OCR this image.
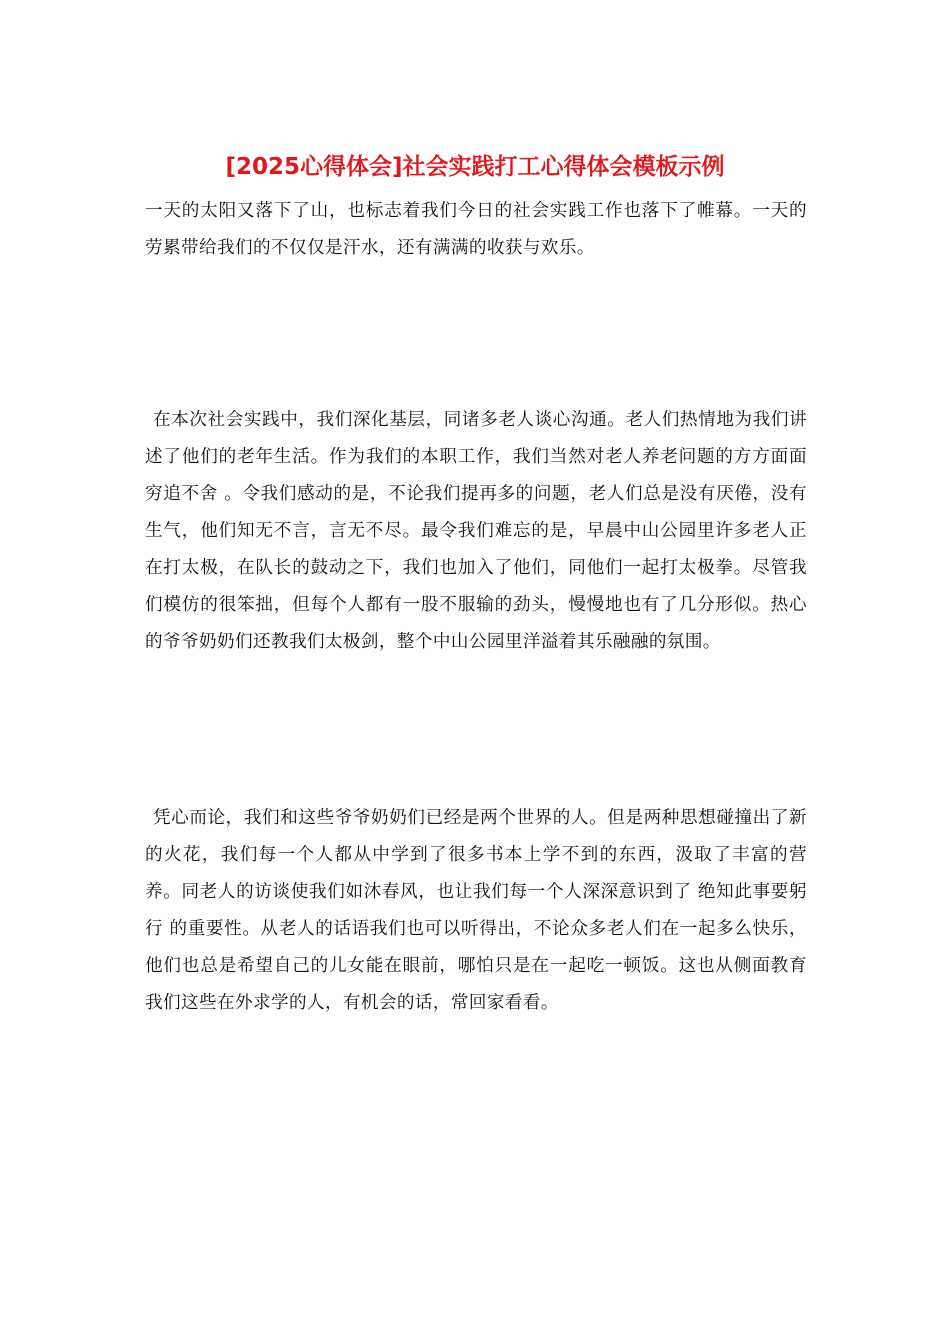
[2025心得体会]社会实践打工心得体会模板示例

一天的太阳又落下了山，也标志着我们今日的社会实践工作也落下了帷幕。一天的劳累带给我们的不仅仅是汗水，还有满满的收获与欢乐。

在本次社会实践中，我们深化基层，同诸多老人谈心沟通。老人们热情地为我们讲述了他们的老年生活。作为我们的本职工作，我们当然对老人养老问题的方方面面 穷追不舍 。令我们感动的是，不论我们提再多的问题，老人们总是没有厌倦，没有生气，他们知无不言，言无不尽。最令我们难忘的是，早晨中山公园里许多老人正在打太极，在队长的鼓动之下，我们也加入了他们，同他们一起打太极拳。尽管我们模仿的很笨拙，但每个人都有一股不服输的劲头，慢慢地也有了几分形似。热心的爷爷奶奶们还教我们太极剑，整个中山公园里洋溢着其乐融融的氛围。

凭心而论，我们和这些爷爷奶奶们已经是两个世界的人。但是两种思想碰撞出了新的火花，我们每一个人都从中学到了很多书本上学不到的东西，汲取了丰富的营养。同老人的访谈使我们如沐春风，也让我们每一个人深深意识到了 绝知此事要躬行 的重要性。从老人的话语我们也可以听得出，不论众多老人们在一起多么快乐，他们也总是希望自己的儿女能在眼前，哪怕只是在一起吃一顿饭。这也从侧面教育我们这些在外求学的人，有机会的话，常回家看看。
